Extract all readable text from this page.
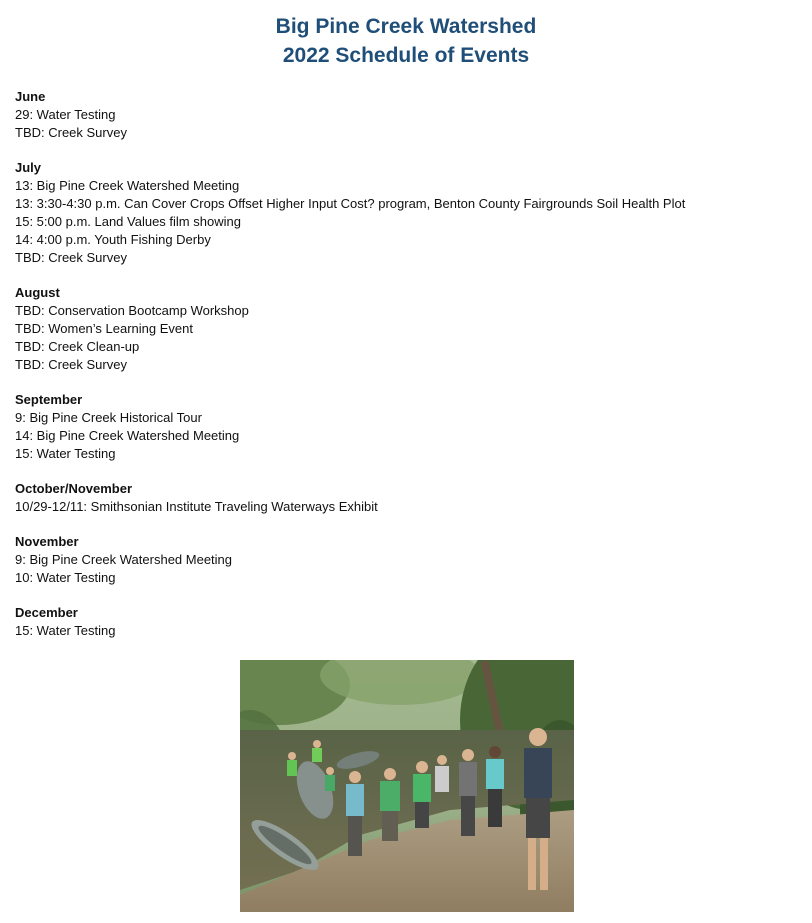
Big Pine Creek Watershed
2022 Schedule of Events
June
29: Water Testing
TBD: Creek Survey
July
13: Big Pine Creek Watershed Meeting
13: 3:30-4:30 p.m. Can Cover Crops Offset Higher Input Cost? program, Benton County Fairgrounds Soil Health Plot
15: 5:00 p.m. Land Values film showing
14: 4:00 p.m. Youth Fishing Derby
TBD: Creek Survey
August
TBD: Conservation Bootcamp Workshop
TBD: Women’s Learning Event
TBD: Creek Clean-up
TBD: Creek Survey
September
9: Big Pine Creek Historical Tour
14: Big Pine Creek Watershed Meeting
15: Water Testing
October/November
10/29-12/11: Smithsonian Institute Traveling Waterways Exhibit
November
9: Big Pine Creek Watershed Meeting
10: Water Testing
December
15: Water Testing
